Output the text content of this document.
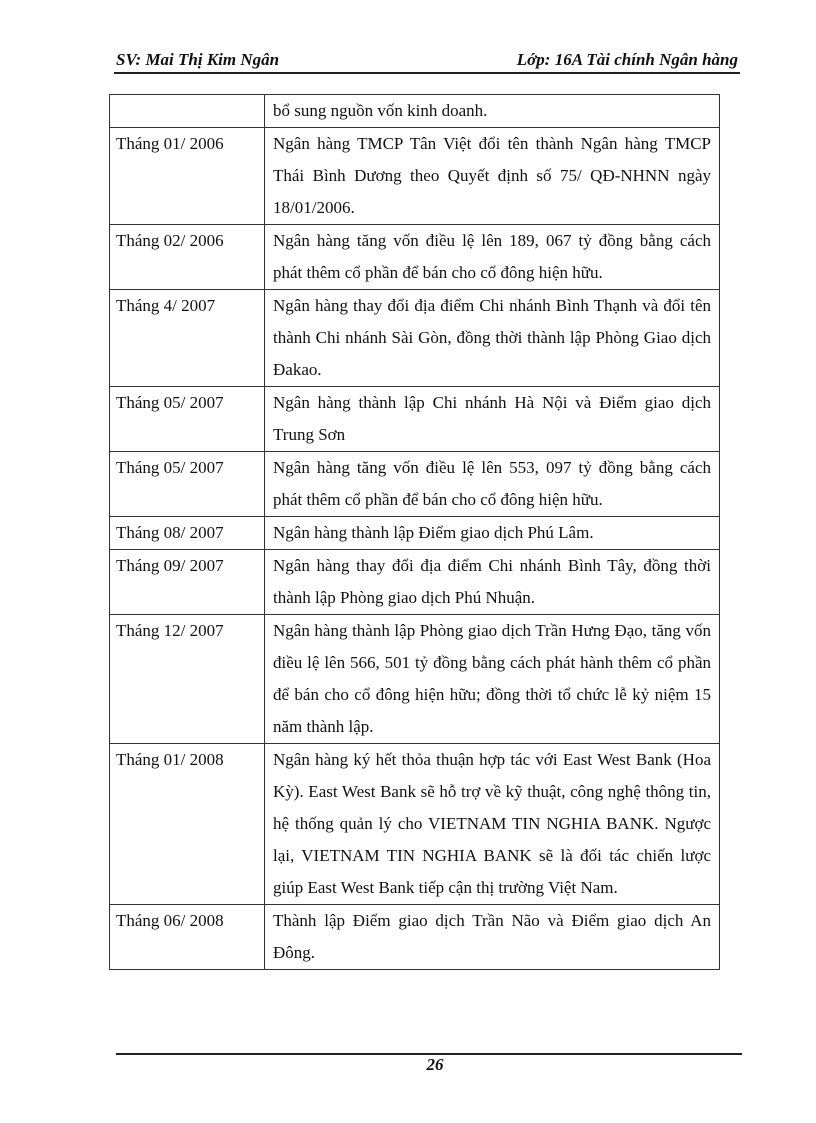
SV: Mai Thị Kim Ngân	Lớp: 16A Tài chính Ngân hàng
	bổ sung nguồn vốn kinh doanh.
Tháng 01/ 2006	Ngân hàng TMCP Tân Việt đổi tên thành Ngân hàng TMCP Thái Bình Dương theo Quyết định số 75/ QĐ-NHNN ngày 18/01/2006.
Tháng 02/ 2006	Ngân hàng tăng vốn điều lệ lên 189, 067 tỷ đồng bằng cách phát thêm cổ phần để bán cho cổ đông hiện hữu.
Tháng 4/ 2007	Ngân hàng thay đổi địa điểm Chi nhánh Bình Thạnh và đổi tên thành Chi nhánh Sài Gòn, đồng thời thành lập Phòng Giao dịch Đakao.
Tháng 05/ 2007	Ngân hàng thành lập Chi nhánh Hà Nội và Điểm giao dịch Trung Sơn
Tháng 05/ 2007	Ngân hàng tăng vốn điều lệ lên 553, 097 tỷ đồng bằng cách phát thêm cổ phần để bán cho cổ đông hiện hữu.
Tháng 08/ 2007	Ngân hàng thành lập Điểm giao dịch Phú Lâm.
Tháng 09/ 2007	Ngân hàng thay đổi địa điểm Chi nhánh Bình Tây, đồng thời thành lập Phòng giao dịch Phú Nhuận.
Tháng 12/ 2007	Ngân hàng thành lập Phòng giao dịch Trần Hưng Đạo, tăng vốn điều lệ lên 566, 501 tỷ đồng bằng cách phát hành thêm cổ phần để bán cho cổ đông hiện hữu; đồng thời tổ chức lễ kỷ niệm 15 năm thành lập.
Tháng 01/ 2008	Ngân hàng ký hết thỏa thuận hợp tác với East West Bank (Hoa Kỳ). East West Bank sẽ hỗ trợ về kỹ thuật, công nghệ thông tin, hệ thống quản lý cho VIETNAM TIN NGHIA BANK. Ngược lại, VIETNAM TIN NGHIA BANK sẽ là đối tác chiến lược giúp East West Bank tiếp cận thị trường Việt Nam.
Tháng 06/ 2008	Thành lập Điểm giao dịch Trần Não và Điểm giao dịch An Đông.
26
